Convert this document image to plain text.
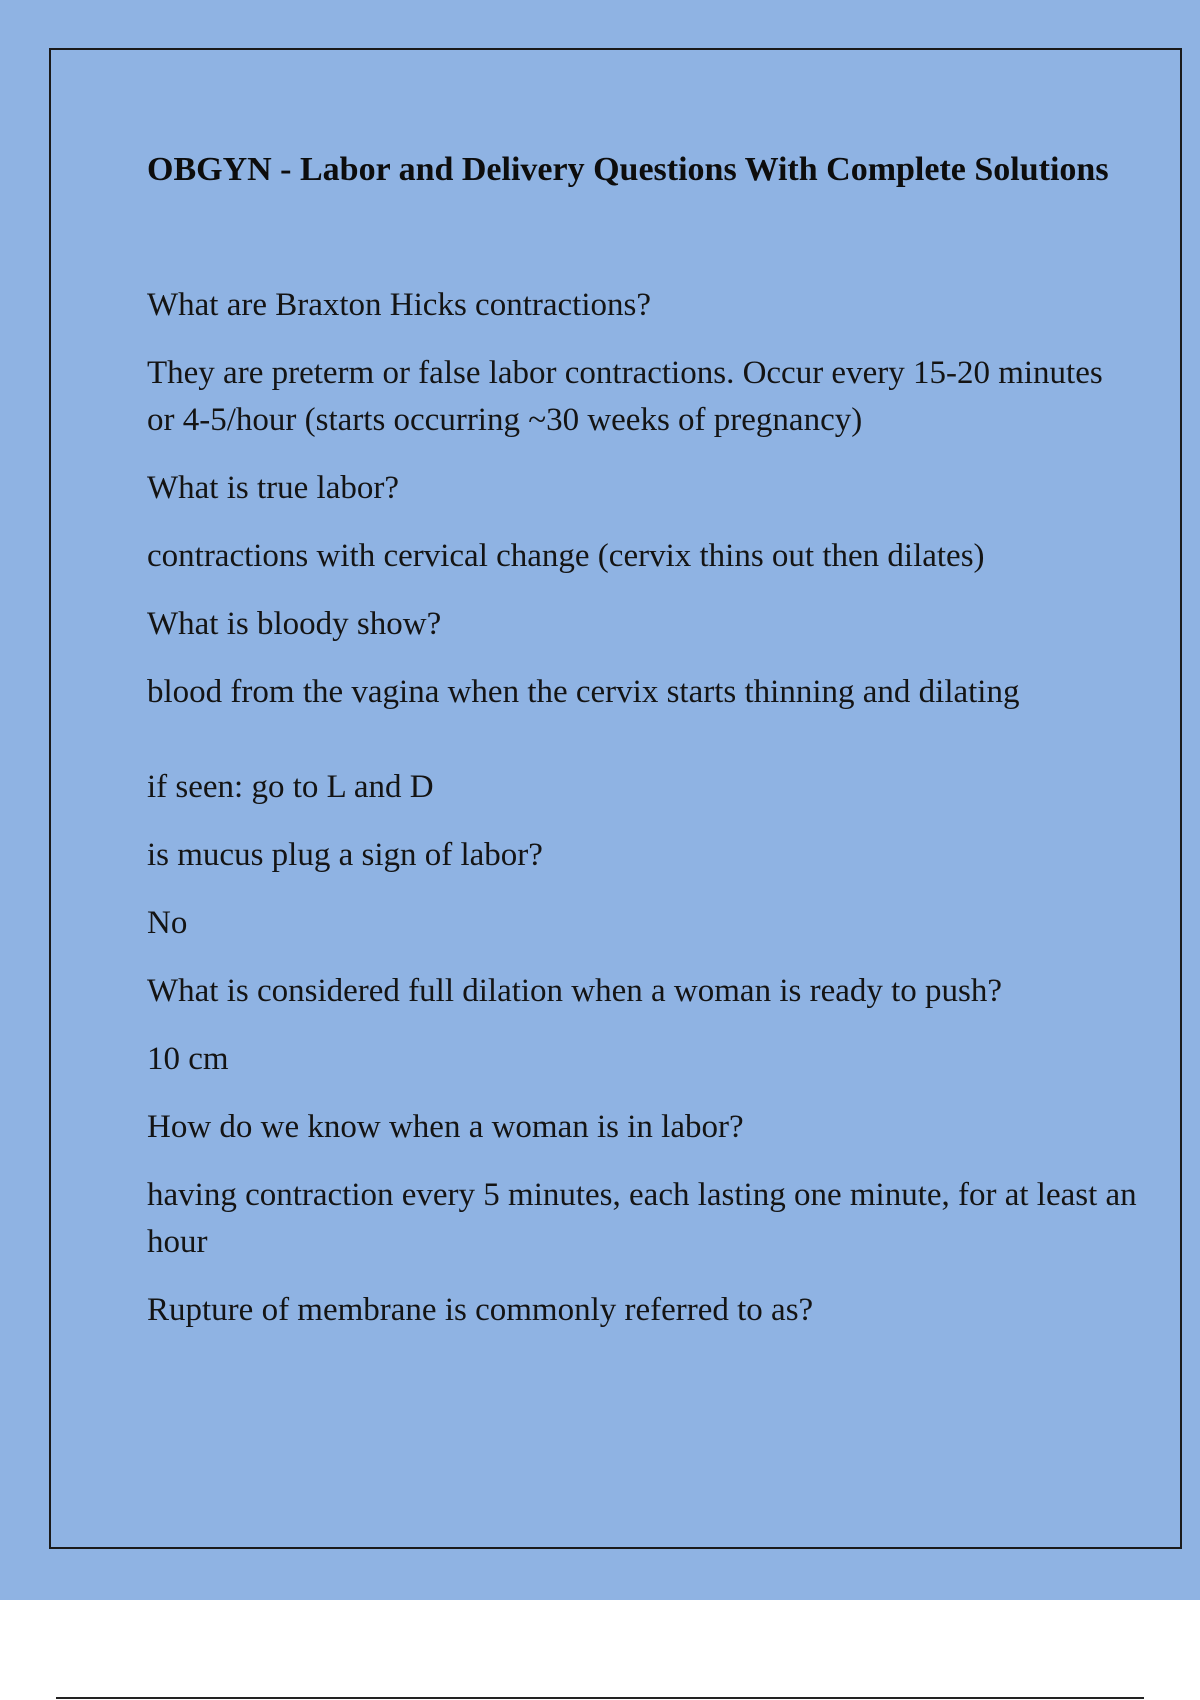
OBGYN - Labor and Delivery Questions With Complete Solutions

What are Braxton Hicks contractions?

They are preterm or false labor contractions. Occur every 15-20 minutes or 4-5/hour (starts occurring ~30 weeks of pregnancy)

What is true labor?

contractions with cervical change (cervix thins out then dilates)

What is bloody show?

blood from the vagina when the cervix starts thinning and dilating

if seen: go to L and D

is mucus plug a sign of labor?

No

What is considered full dilation when a woman is ready to push?

10 cm

How do we know when a woman is in labor?

having contraction every 5 minutes, each lasting one minute, for at least an hour

Rupture of membrane is commonly referred to as?
